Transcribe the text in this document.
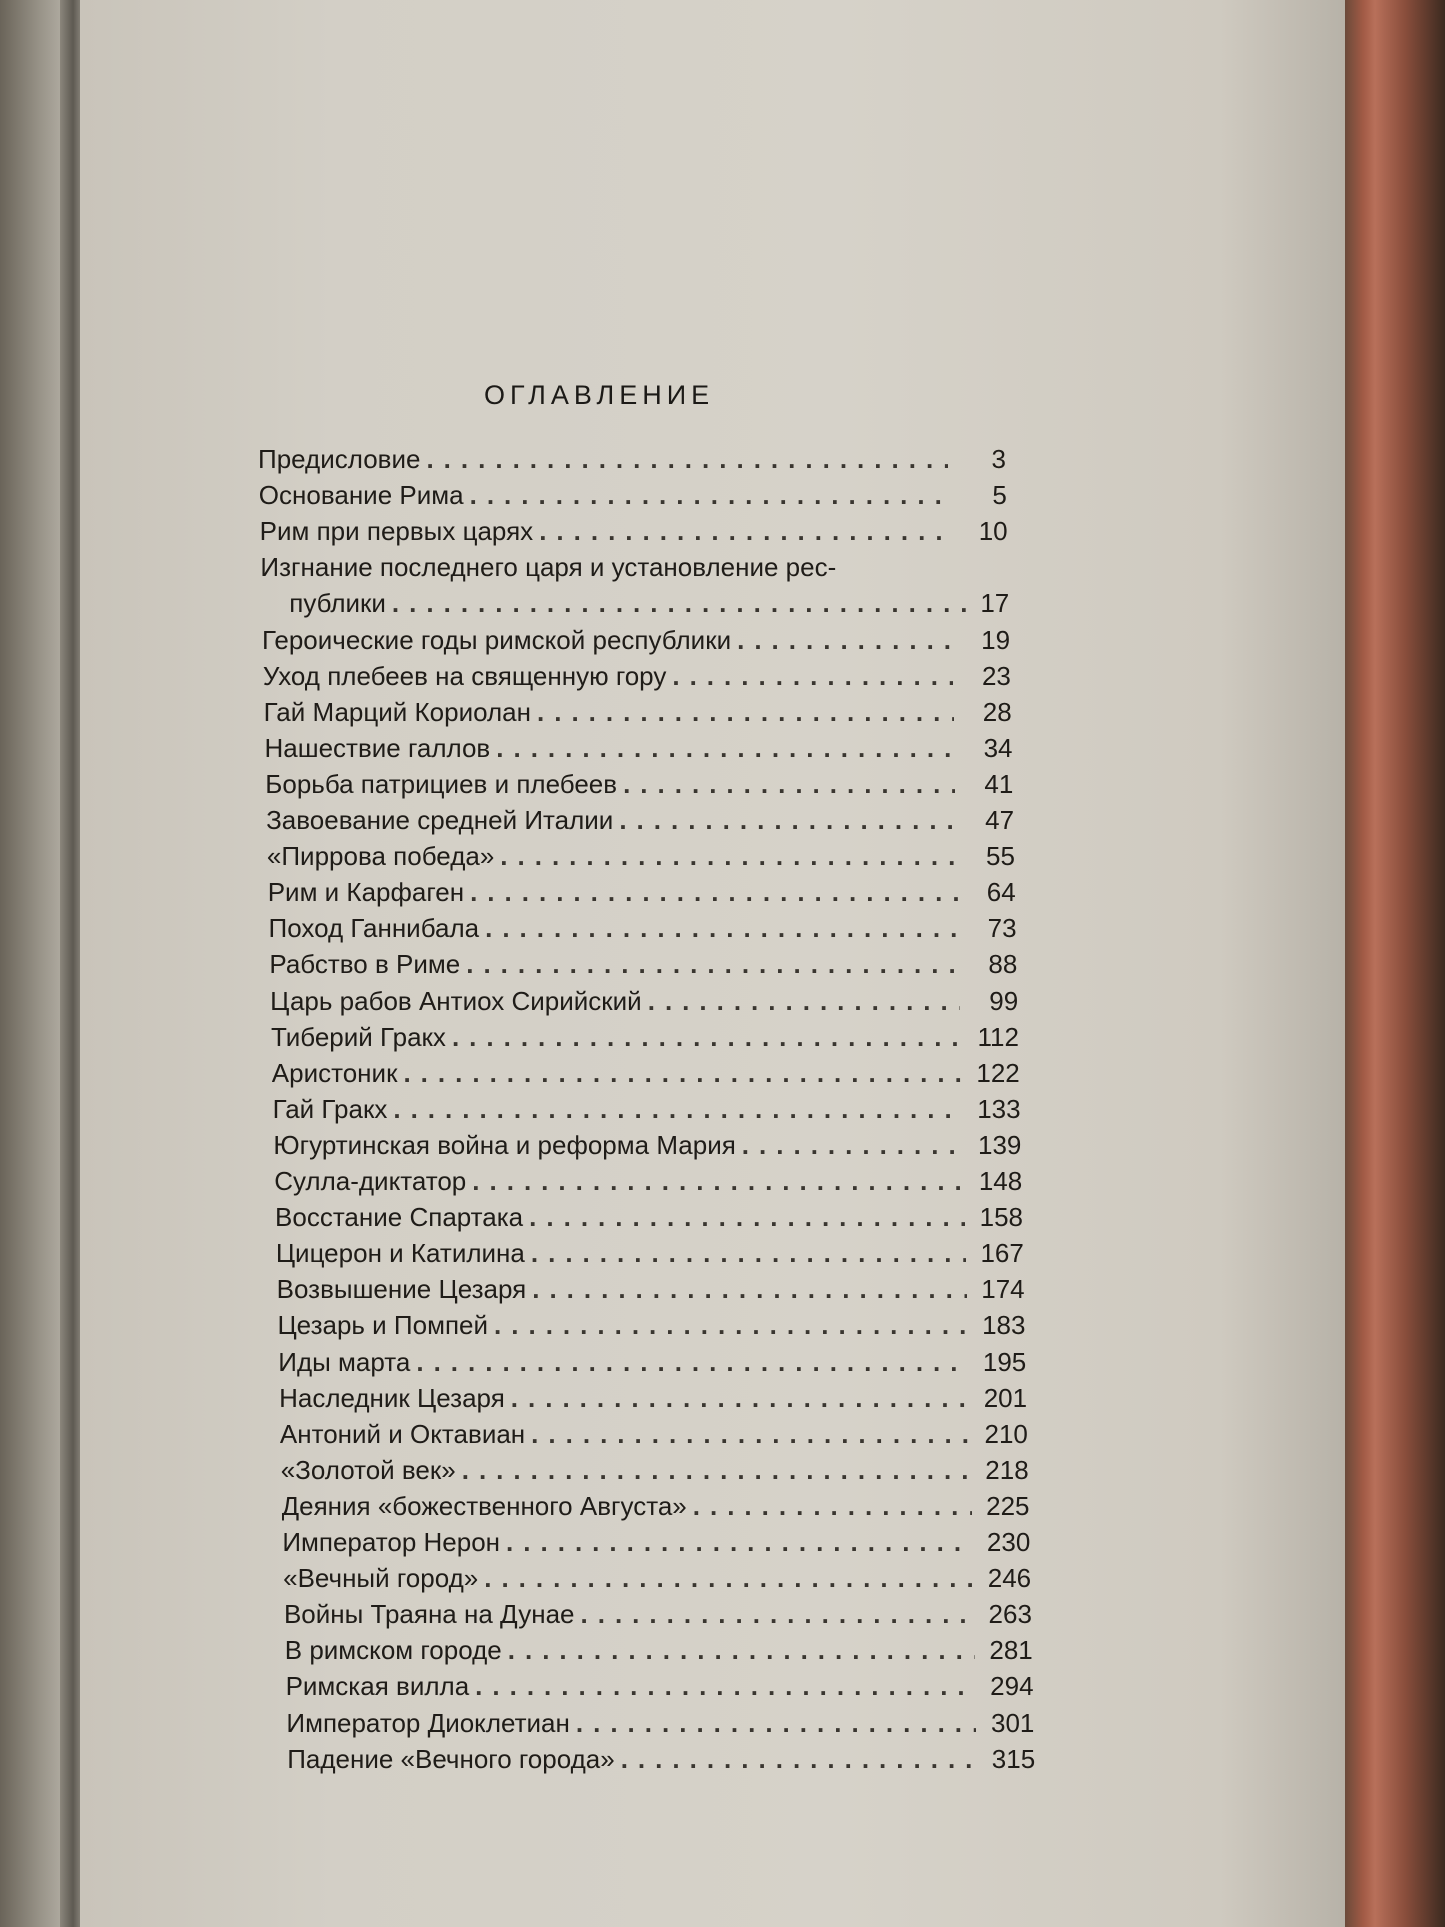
ОГЛАВЛЕНИЕ
Предисловие .....	3
Основание Рима .....	5
Рим при первых царях .....	10
Изгнание последнего царя и установление рес-
публики .....	17
Героические годы римской республики .....	19
Уход плебеев на священную гору .....	23
Гай Марций Кориолан .....	28
Нашествие галлов .....	34
Борьба патрициев и плебеев .....	41
Завоевание средней Италии .....	47
«Пиррова победа» .....	55
Рим и Карфаген .....	64
Поход Ганнибала .....	73
Рабство в Риме .....	88
Царь рабов Антиох Сирийский .....	99
Тиберий Гракх .....	112
Аристоник .....	122
Гай Гракх .....	133
Югуртинская война и реформа Мария .....	139
Сулла-диктатор .....	148
Восстание Спартака .....	158
Цицерон и Катилина .....	167
Возвышение Цезаря .....	174
Цезарь и Помпей .....	183
Иды марта .....	195
Наследник Цезаря .....	201
Антоний и Октавиан .....	210
«Золотой век» .....	218
Деяния «божественного Августа» .....	225
Император Нерон .....	230
«Вечный город» .....	246
Войны Траяна на Дунае .....	263
В римском городе .....	281
Римская вилла .....	294
Император Диоклетиан .....	301
Падение «Вечного города» .....	315
